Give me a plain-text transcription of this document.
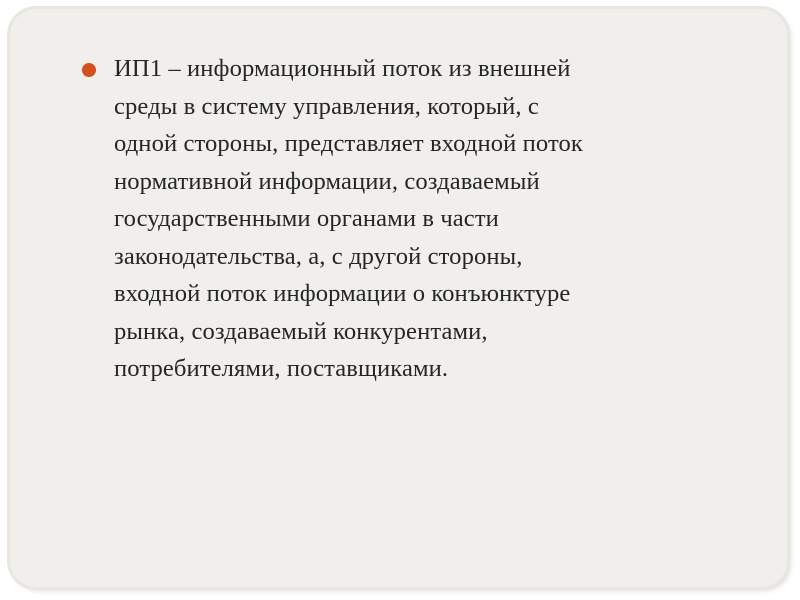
ИП1 – информационный поток из внешней
среды в систему управления, который, с
одной стороны, представляет входной поток
нормативной информации, создаваемый
государственными органами в части
законодательства, а, с другой стороны,
входной поток информации о конъюнктуре
рынка, создаваемый конкурентами,
потребителями, поставщиками.
